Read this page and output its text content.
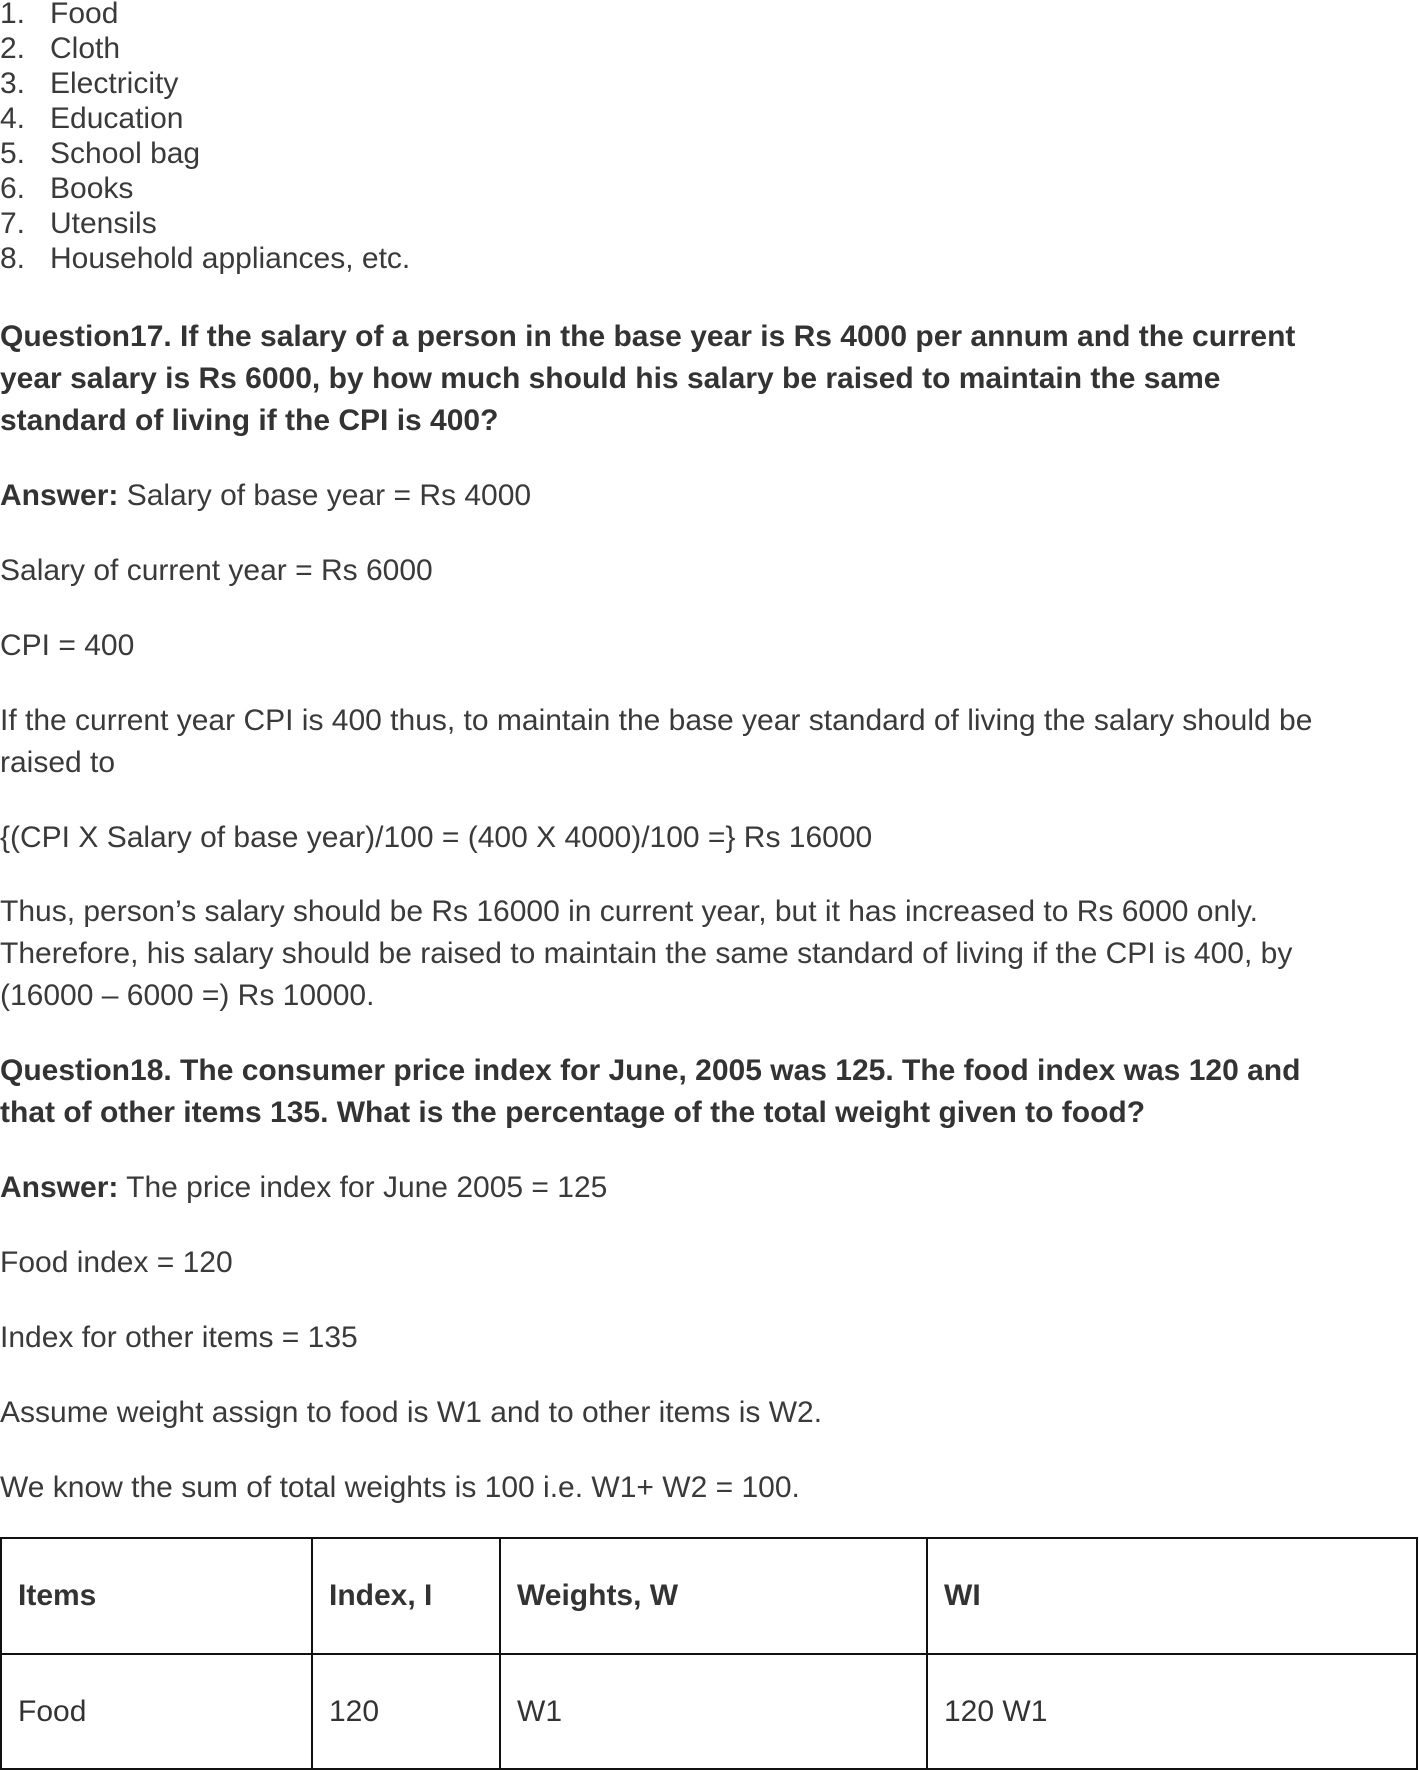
1. Food
2. Cloth
3. Electricity
4. Education
5. School bag
6. Books
7. Utensils
8. Household appliances, etc.

Question17. If the salary of a person in the base year is Rs 4000 per annum and the current year salary is Rs 6000, by how much should his salary be raised to maintain the same standard of living if the CPI is 400?

Answer: Salary of base year = Rs 4000

Salary of current year = Rs 6000

CPI = 400

If the current year CPI is 400 thus, to maintain the base year standard of living the salary should be raised to

{(CPI X Salary of base year)/100 = (400 X 4000)/100 =} Rs 16000

Thus, person’s salary should be Rs 16000 in current year, but it has increased to Rs 6000 only. Therefore, his salary should be raised to maintain the same standard of living if the CPI is 400, by (16000 – 6000 =) Rs 10000.

Question18. The consumer price index for June, 2005 was 125. The food index was 120 and that of other items 135. What is the percentage of the total weight given to food?

Answer: The price index for June 2005 = 125

Food index = 120

Index for other items = 135

Assume weight assign to food is W1 and to other items is W2.

We know the sum of total weights is 100 i.e. W1+ W2 = 100.

Items	Index, I	Weights, W	WI
Food	120	W1	120 W1
